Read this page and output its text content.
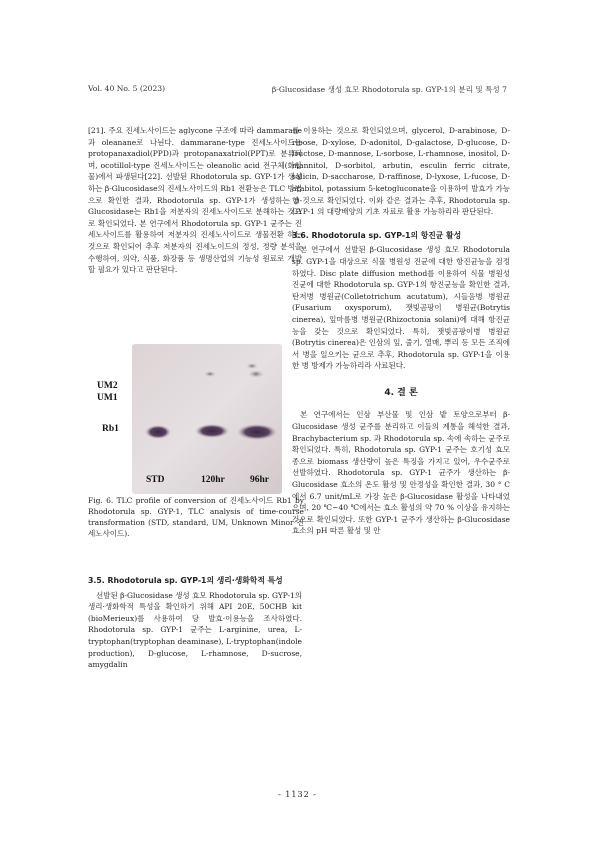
Vol. 40 No. 5 (2023)	β-Glucosidase 생성 효모 Rhodotorula sp. GYP-1의 분리 및 특성 7

[21]. 주요 진세노사이드는 aglycone 구조에 따라 dammarane과 oleanane로 나뉜다. dammarane-type 진세노사이드는 protopanaxadiol(PPD)과 protopanaxatriol(PPT)로 분류되며, ocotillol-type 진세노사이드는 oleanolic acid 전구체(화합물)에서 파생된다[22]. 선발된 Rhodotorula sp. GYP-1가 생성하는 β-Glucosidase의 진세노사이드의 Rb1 전환능은 TLC 방법으로 확인한 결과, Rhodotorula sp. GYP-1가 생성하는 β-Glucosidase는 Rb1을 저분자의 진세노사이드로 분해하는 것으로 확인되었다. 본 연구에서 Rhodotorula sp. GYP-1 균주는 진세노사이드를 활용하여 저분자의 진세노사이드로 생물전환 하는 것으로 확인되어 추후 저분자의 진세노이드의 정성, 정량 분석을 수행하여, 의약, 식품, 화장품 등 생명산업의 기능성 원료로 개발할 필요가 있다고 판단된다.

UM2
UM1
Rb1
STD	120hr	96hr
Fig. 6. TLC profile of conversion of 진세노사이드 Rb1 by Rhodotorula sp. GYP-1, TLC analysis of time-course transformation (STD, standard, UM, Unknown Minor 진세노사이드).

3.5. Rhodotorula sp. GYP-1의 생리·생화학적 특성

선발된 β-Glucosidase 생성 효모 Rhodotorula sp. GYP-1의 생리·생화학적 특성을 확인하기 위해 API 20E, 50CHB kit (bioMerieux)를 사용하여 당 발효·이용능을 조사하였다. Rhodotorula sp. GYP-1 균주는 L-arginine, urea, L-tryptophan(tryptophan deaminase), L-tryptophan(indole production), D-glucose, L-rhamnose, D-sucrose, amygdalin

를 이용하는 것으로 확인되었으며, glycerol, D-arabinose, D-ribose, D-xylose, D-adonitol, D-galactose, D-glucose, D-fructose, D-mannose, L-sorbose, L-rhamnose, inositol, D-mannitol, D-sorbitol, arbutin, esculin ferric citrate, salicin, D-saccharose, D-raffinose, D-lyxose, L-fucose, D-arabitol, potassium 5-ketogluconate을 이용하여 발효가 가능한 것으로 확인되었다. 이와 같은 결과는 추후, Rhodotorula sp. GYP-1 의 대량배양의 기초 자료로 활용 가능하리라 판단된다.

3.6. Rhodotorula sp. GYP-1의 항진균 활성

본 연구에서 선발된 β-Glucosidase 생성 효모 Rhodotorula sp. GYP-1을 대상으로 식물 병원성 진균에 대한 항진균능을 검정하였다. Disc plate diffusion method를 이용하여 식물 병원성 진균에 대한 Rhodotorula sp. GYP-1의 항진균능을 확인한 결과, 탄저병 병원균(Colletotrichum acutatum), 시들음병 병원균(Fusarium oxysporum), 잿빛곰팡이 병원균(Botrytis cinerea), 잎마름병 병원균(Rhizoctonia solani)에 대해 항진균능을 갖는 것으로 확인되었다. 특히, 잿빛곰팡이병 병원균(Botrytis cinerea)은 인삼의 잎, 줄기, 열매, 뿌리 등 모든 조직에서 병을 일으키는 균으로 추후, Rhodotorula sp. GYP-1을 이용한 병 방제가 가능하리라 사료된다.

4. 결 론

본 연구에서는 인삼 부산물 및 인삼 밭 토양으로부터 β-Glucosidase 생성 균주를 분리하고 이들의 계통을 해석한 결과, Brachybacterium sp. 과 Rhodotorula sp. 속에 속하는 균주로 확인되었다. 특히, Rhodotorula sp. GYP-1 균주는 호기성 효모 종으로 biomass 생산량이 높은 특징을 가지고 있어, 우수균주로 선발하였다. Rhodotorula sp. GYP-1 균주가 생산하는 β-Glucosidase 효소의 온도 활성 및 안정성을 확인한 결과, 30 ° C에서 6.7 unit/mL로 가장 높은 β-Glucosidase 활성을 나타내었으며, 20 ℃~40 ℃에서는 효소 활성의 약 70 % 이상을 유지하는 것으로 확인되었다. 또한 GYP-1 균주가 생산하는 β-Glucosidase 효소의 pH 따른 활성 및 안

- 1132 -
